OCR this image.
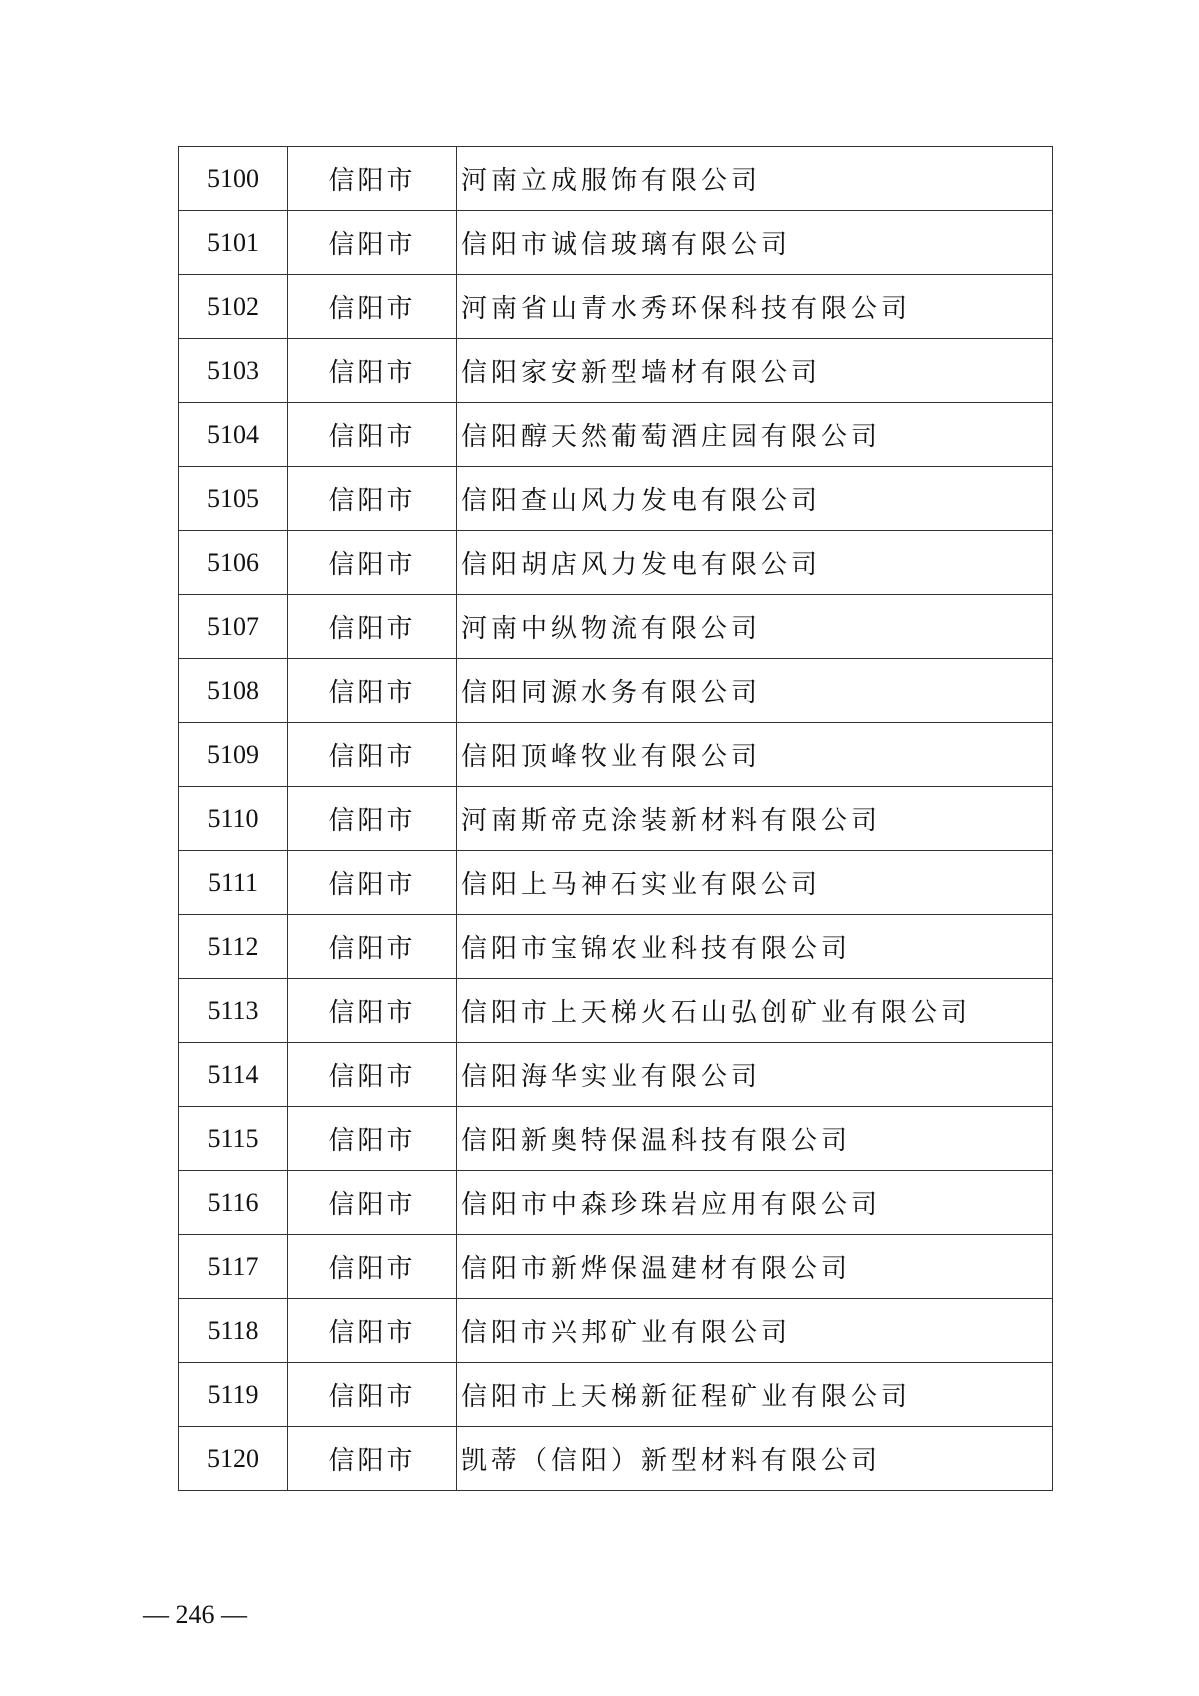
5100	信阳市	河南立成服饰有限公司
5101	信阳市	信阳市诚信玻璃有限公司
5102	信阳市	河南省山青水秀环保科技有限公司
5103	信阳市	信阳家安新型墙材有限公司
5104	信阳市	信阳醇天然葡萄酒庄园有限公司
5105	信阳市	信阳查山风力发电有限公司
5106	信阳市	信阳胡店风力发电有限公司
5107	信阳市	河南中纵物流有限公司
5108	信阳市	信阳同源水务有限公司
5109	信阳市	信阳顶峰牧业有限公司
5110	信阳市	河南斯帝克涂装新材料有限公司
5111	信阳市	信阳上马神石实业有限公司
5112	信阳市	信阳市宝锦农业科技有限公司
5113	信阳市	信阳市上天梯火石山弘创矿业有限公司
5114	信阳市	信阳海华实业有限公司
5115	信阳市	信阳新奥特保温科技有限公司
5116	信阳市	信阳市中森珍珠岩应用有限公司
5117	信阳市	信阳市新烨保温建材有限公司
5118	信阳市	信阳市兴邦矿业有限公司
5119	信阳市	信阳市上天梯新征程矿业有限公司
5120	信阳市	凯蒂（信阳）新型材料有限公司
— 246 —
